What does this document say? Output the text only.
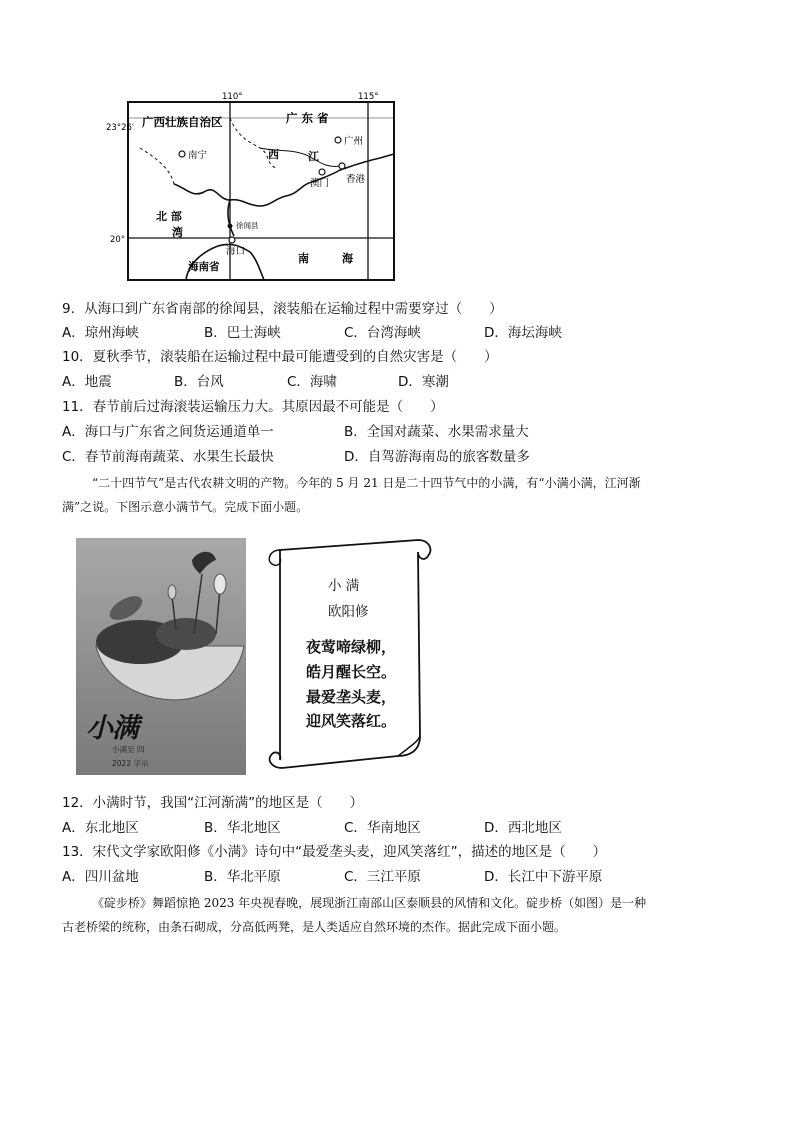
110°	115°
23°26′
20°
广西壮族自治区	广 东 省
南宁	西	江
广州
澳门 香港
北 部
湾
徐闻县
海口
海南省
南	海
9．从海口到广东省南部的徐闻县，滚装船在运输过程中需要穿过（　　）
A．琼州海峡	B．巴士海峡	C．台湾海峡	D．海坛海峡
10．夏秋季节，滚装船在运输过程中最可能遭受到的自然灾害是（　　）
A．地震	B．台风	C．海啸	D．寒潮
11．春节前后过海滚装运输压力大。其原因最不可能是（　　）
A．海口与广东省之间货运通道单一	B．全国对蔬菜、水果需求量大
C．春节前海南蔬菜、水果生长最快	D．自驾游海南岛的旅客数量多
“二十四节气”是古代农耕文明的产物。今年的 5 月 21 日是二十四节气中的小满，有“小满小满，江河渐
满”之说。下图示意小满节气。完成下面小题。
小满
小满至 四
2022 字示
小 满
欧阳修
夜莺啼绿柳，
皓月醒长空。
最爱垄头麦，
迎风笑落红。
12．小满时节，我国“江河渐满”的地区是（　　）
A．东北地区	B．华北地区	C．华南地区	D．西北地区
13．宋代文学家欧阳修《小满》诗句中“最爱垄头麦，迎风笑落红”，描述的地区是（　　）
A．四川盆地	B．华北平原	C．三江平原	D．长江中下游平原
《碇步桥》舞蹈惊艳 2023 年央视春晚，展现浙江南部山区泰顺县的风情和文化。碇步桥（如图）是一种
古老桥梁的统称，由条石砌成，分高低两凳，是人类适应自然环境的杰作。据此完成下面小题。
